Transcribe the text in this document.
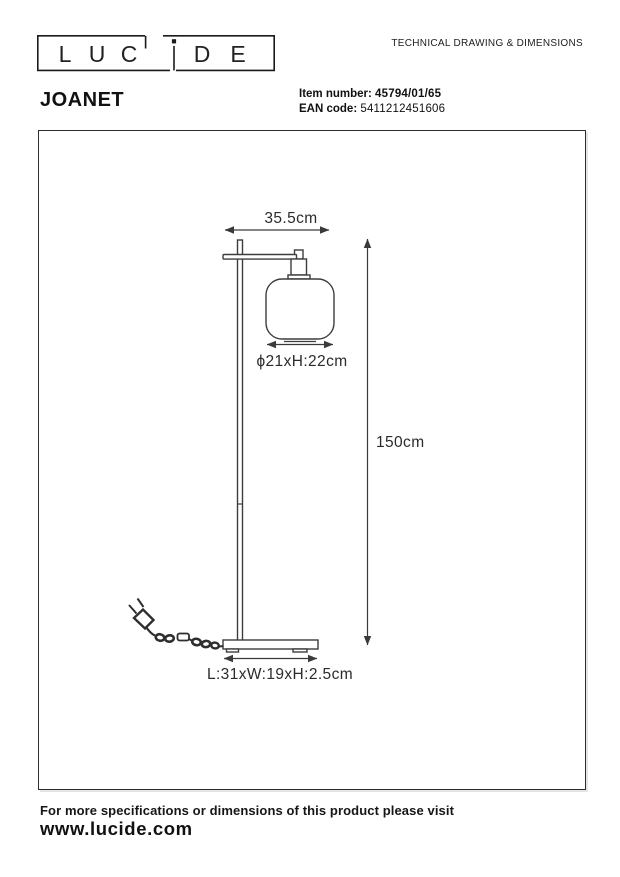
L U C D E	TECHNICAL DRAWING & DIMENSIONS
JOANET	Item number: 45794/01/65
EAN code: 5411212451606
35.5cm
150cm
ϕ21xH:22cm
L:31xW:19xH:2.5cm
For more specifications or dimensions of this product please visit
www.lucide.com
